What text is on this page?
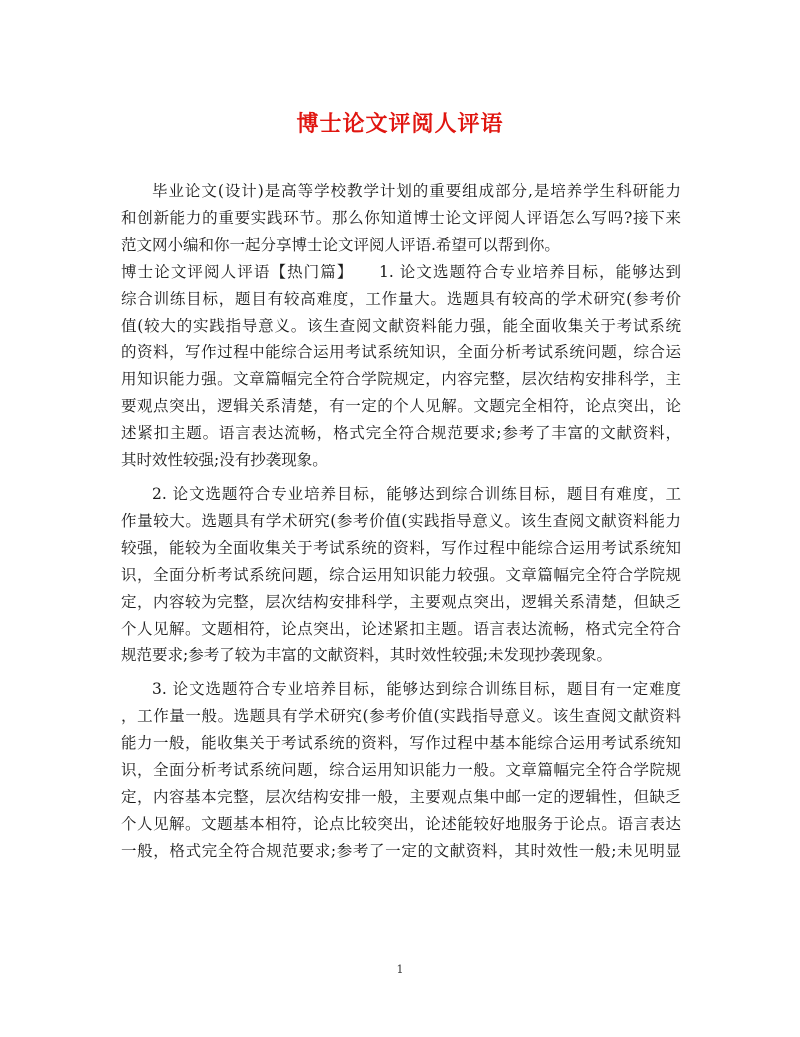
博士论文评阅人评语
毕业论文(设计)是高等学校教学计划的重要组成部分,是培养学生科研能力
和创新能力的重要实践环节。那么你知道博士论文评阅人评语怎么写吗?接下来
范文网小编和你一起分享博士论文评阅人评语.希望可以帮到你。
博士论文评阅人评语【热门篇】　　1. 论文选题符合专业培养目标，能够达到
综合训练目标，题目有较高难度，工作量大。选题具有较高的学术研究(参考价
值(较大的实践指导意义。该生查阅文献资料能力强，能全面收集关于考试系统
的资料，写作过程中能综合运用考试系统知识，全面分析考试系统问题，综合运
用知识能力强。文章篇幅完全符合学院规定，内容完整，层次结构安排科学，主
要观点突出，逻辑关系清楚，有一定的个人见解。文题完全相符，论点突出，论
述紧扣主题。语言表达流畅，格式完全符合规范要求;参考了丰富的文献资料，
其时效性较强;没有抄袭现象。
2. 论文选题符合专业培养目标，能够达到综合训练目标，题目有难度，工
作量较大。选题具有学术研究(参考价值(实践指导意义。该生查阅文献资料能力
较强，能较为全面收集关于考试系统的资料，写作过程中能综合运用考试系统知
识，全面分析考试系统问题，综合运用知识能力较强。文章篇幅完全符合学院规
定，内容较为完整，层次结构安排科学，主要观点突出，逻辑关系清楚，但缺乏
个人见解。文题相符，论点突出，论述紧扣主题。语言表达流畅，格式完全符合
规范要求;参考了较为丰富的文献资料，其时效性较强;未发现抄袭现象。
3. 论文选题符合专业培养目标，能够达到综合训练目标，题目有一定难度
，工作量一般。选题具有学术研究(参考价值(实践指导意义。该生查阅文献资料
能力一般，能收集关于考试系统的资料，写作过程中基本能综合运用考试系统知
识，全面分析考试系统问题，综合运用知识能力一般。文章篇幅完全符合学院规
定，内容基本完整，层次结构安排一般，主要观点集中邮一定的逻辑性，但缺乏
个人见解。文题基本相符，论点比较突出，论述能较好地服务于论点。语言表达
一般，格式完全符合规范要求;参考了一定的文献资料，其时效性一般;未见明显
1
